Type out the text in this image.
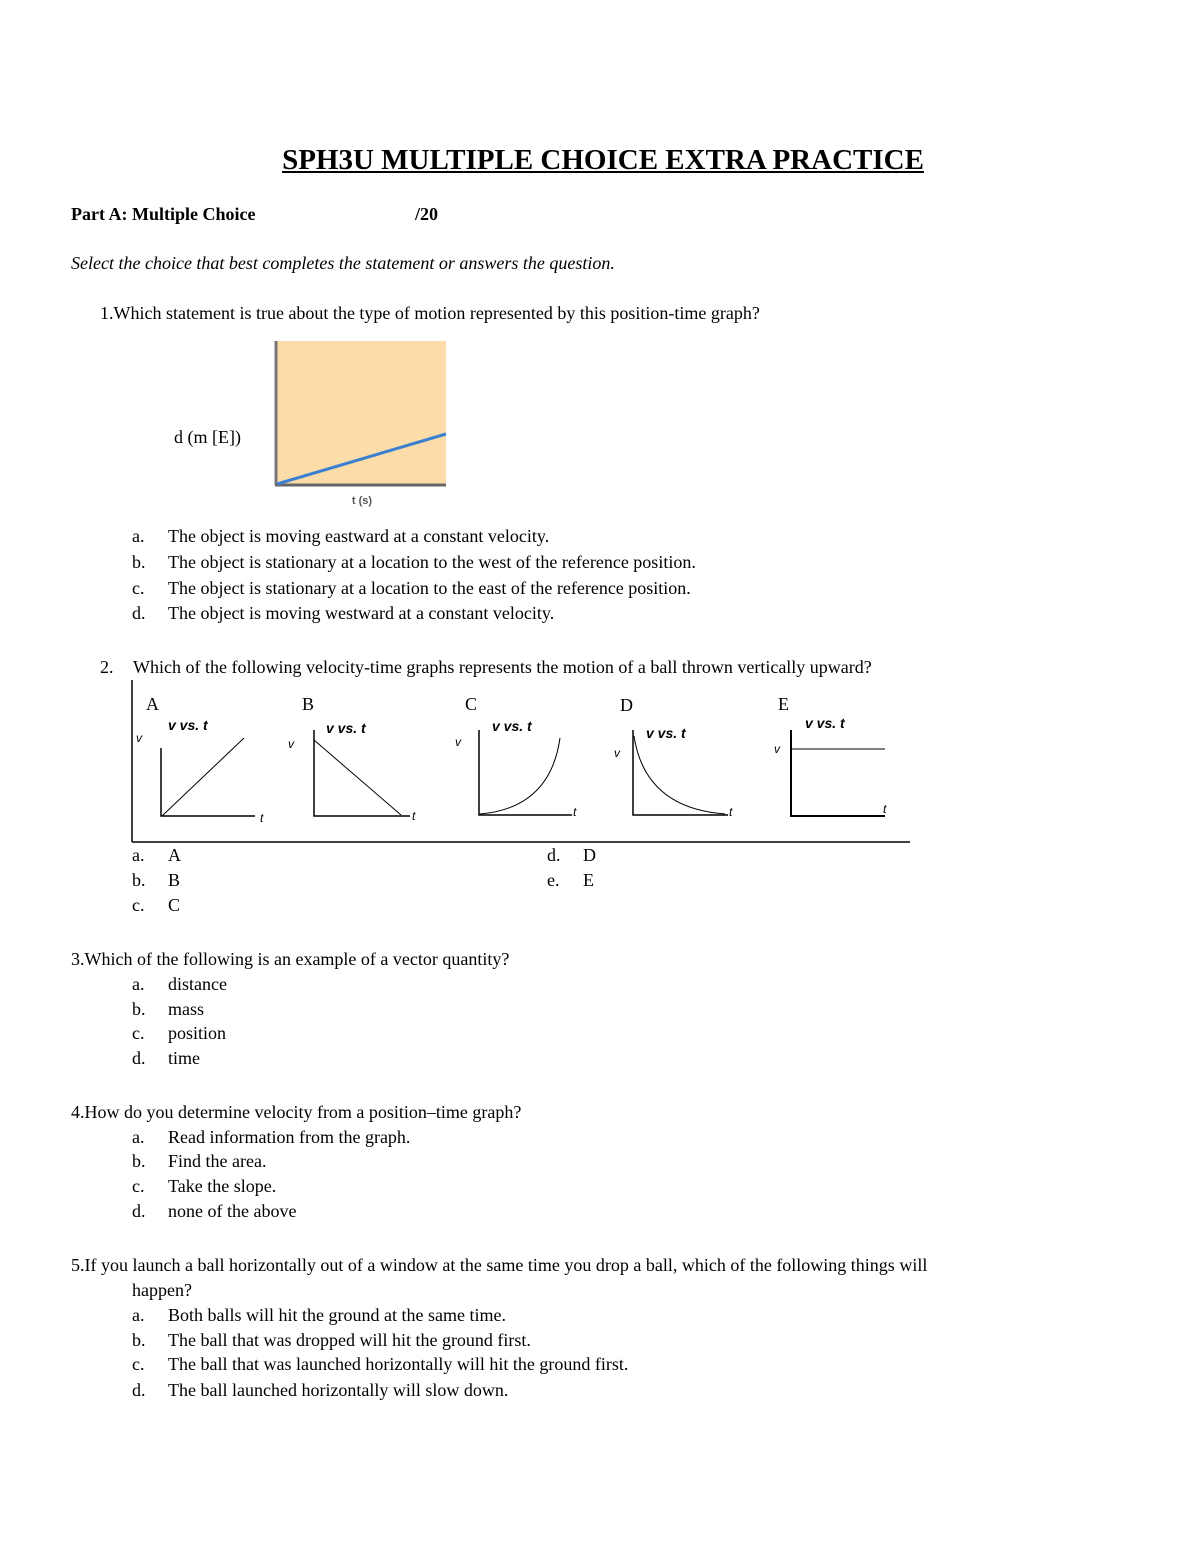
SPH3U MULTIPLE CHOICE EXTRA PRACTICE
Part A: Multiple Choice	/20
Select the choice that best completes the statement or answers the question.
1.Which statement is true about the type of motion represented by this position-time graph?
d (m [E])
t (s)
a. The object is moving eastward at a constant velocity.
b. The object is stationary at a location to the west of the reference position.
c. The object is stationary at a location to the east of the reference position.
d. The object is moving westward at a constant velocity.
2. Which of the following velocity-time graphs represents the motion of a ball thrown vertically upward?
A
v vs. t
v
t
B
v vs. t
v
t
C
v vs. t
v
t
D
v vs. t
v
t
E
v vs. t
v
t
a. A
b. B
c. C
d. D
e. E
3.Which of the following is an example of a vector quantity?
a. distance
b. mass
c. position
d. time
4.How do you determine velocity from a position–time graph?
a. Read information from the graph.
b. Find the area.
c. Take the slope.
d. none of the above
5.If you launch a ball horizontally out of a window at the same time you drop a ball, which of the following things will
happen?
a. Both balls will hit the ground at the same time.
b. The ball that was dropped will hit the ground first.
c. The ball that was launched horizontally will hit the ground first.
d. The ball launched horizontally will slow down.
